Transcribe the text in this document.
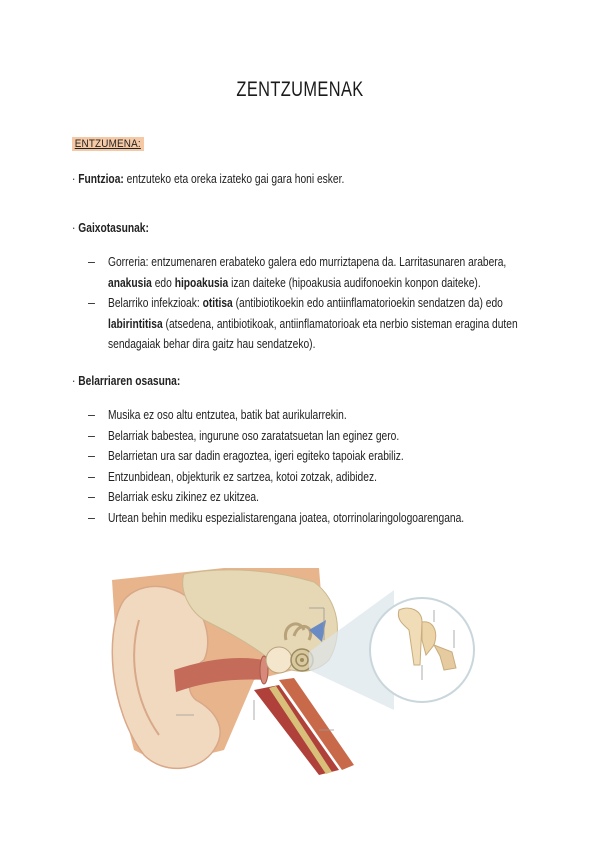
ZENTZUMENAK
ENTZUMENA:
· Funtzioa: entzuteko eta oreka izateko gai gara honi esker.
· Gaixotasunak:
– Gorreria: entzumenaren erabateko galera edo murriztapena da. Larritasunaren arabera,
anakusia edo hipoakusia izan daiteke (hipoakusia audifonoekin konpon daiteke).
– Belarriko infekzioak: otitisa (antibiotikoekin edo antiinflamatorioekin sendatzen da) edo
labirintitisa (atsedena, antibiotikoak, antiinflamatorioak eta nerbio sisteman eragina duten
sendagaiak behar dira gaitz hau sendatzeko).
· Belarriaren osasuna:
– Musika ez oso altu entzutea, batik bat aurikularrekin.
– Belarriak babestea, ingurune oso zaratatsuetan lan eginez gero.
– Belarrietan ura sar dadin eragoztea, igeri egiteko tapoiak erabiliz.
– Entzunbidean, objekturik ez sartzea, kotoi zotzak, adibidez.
– Belarriak esku zikinez ez ukitzea.
– Urtean behin mediku espezialistarengana joatea, otorrinolaringologoarengana.
